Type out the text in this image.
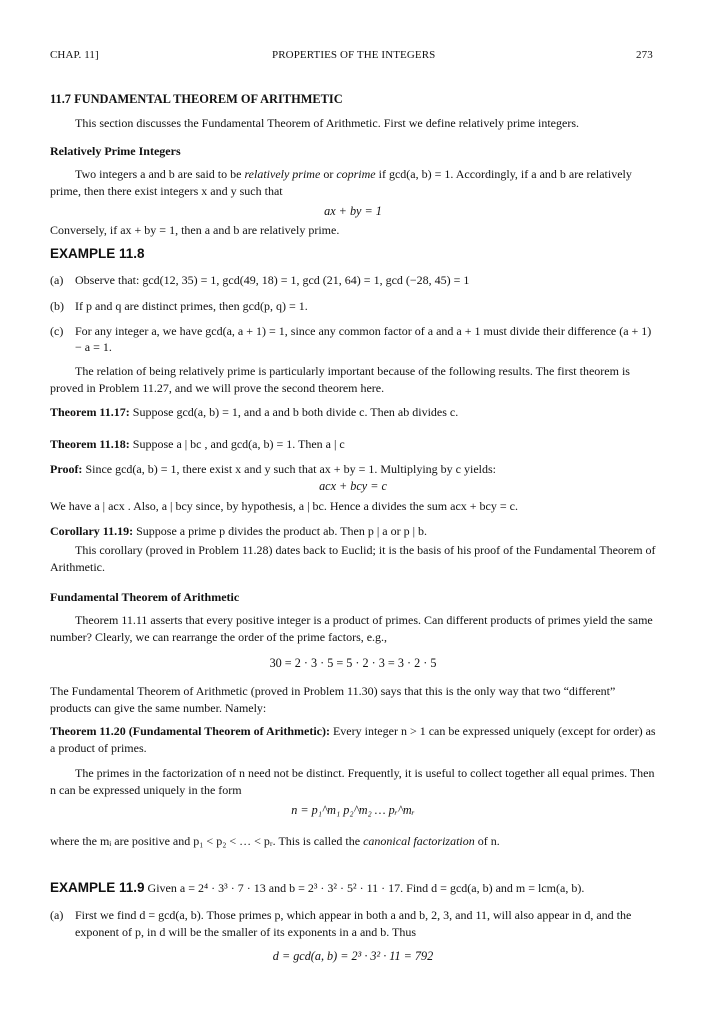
CHAP. 11]	PROPERTIES OF THE INTEGERS	273
11.7 FUNDAMENTAL THEOREM OF ARITHMETIC
This section discusses the Fundamental Theorem of Arithmetic. First we define relatively prime integers.
Relatively Prime Integers
Two integers a and b are said to be relatively prime or coprime if gcd(a, b) = 1. Accordingly, if a and b are relatively prime, then there exist integers x and y such that
ax + by = 1
Conversely, if ax + by = 1, then a and b are relatively prime.
EXAMPLE 11.8
(a) Observe that: gcd(12, 35) = 1, gcd(49, 18) = 1, gcd (21, 64) = 1, gcd (−28, 45) = 1
(b) If p and q are distinct primes, then gcd(p, q) = 1.
(c) For any integer a, we have gcd(a, a + 1) = 1, since any common factor of a and a + 1 must divide their difference (a + 1) − a = 1.
The relation of being relatively prime is particularly important because of the following results. The first theorem is proved in Problem 11.27, and we will prove the second theorem here.
Theorem 11.17: Suppose gcd(a, b) = 1, and a and b both divide c. Then ab divides c.
Theorem 11.18: Suppose a | bc , and gcd(a, b) = 1. Then a | c
Proof: Since gcd(a, b) = 1, there exist x and y such that ax + by = 1. Multiplying by c yields:
acx + bcy = c
We have a | acx . Also, a | bcy since, by hypothesis, a | bc. Hence a divides the sum acx + bcy = c.
Corollary 11.19: Suppose a prime p divides the product ab. Then p | a or p | b.
This corollary (proved in Problem 11.28) dates back to Euclid; it is the basis of his proof of the Fundamental Theorem of Arithmetic.
Fundamental Theorem of Arithmetic
Theorem 11.11 asserts that every positive integer is a product of primes. Can different products of primes yield the same number? Clearly, we can rearrange the order of the prime factors, e.g.,
30 = 2 · 3 · 5 = 5 · 2 · 3 = 3 · 2 · 5
The Fundamental Theorem of Arithmetic (proved in Problem 11.30) says that this is the only way that two “different” products can give the same number. Namely:
Theorem 11.20 (Fundamental Theorem of Arithmetic): Every integer n > 1 can be expressed uniquely (except for order) as a product of primes.
The primes in the factorization of n need not be distinct. Frequently, it is useful to collect together all equal primes. Then n can be expressed uniquely in the form
n = p₁^m₁ p₂^m₂ … pᵣ^mᵣ
where the mᵢ are positive and p₁ < p₂ < … < pᵣ. This is called the canonical factorization of n.
EXAMPLE 11.9 Given a = 2⁴ · 3³ · 7 · 13 and b = 2³ · 3² · 5² · 11 · 17. Find d = gcd(a, b) and m = lcm(a, b).
(a) First we find d = gcd(a, b). Those primes p, which appear in both a and b, 2, 3, and 11, will also appear in d, and the exponent of p, in d will be the smaller of its exponents in a and b. Thus
d = gcd(a, b) = 2³ · 3² · 11 = 792
